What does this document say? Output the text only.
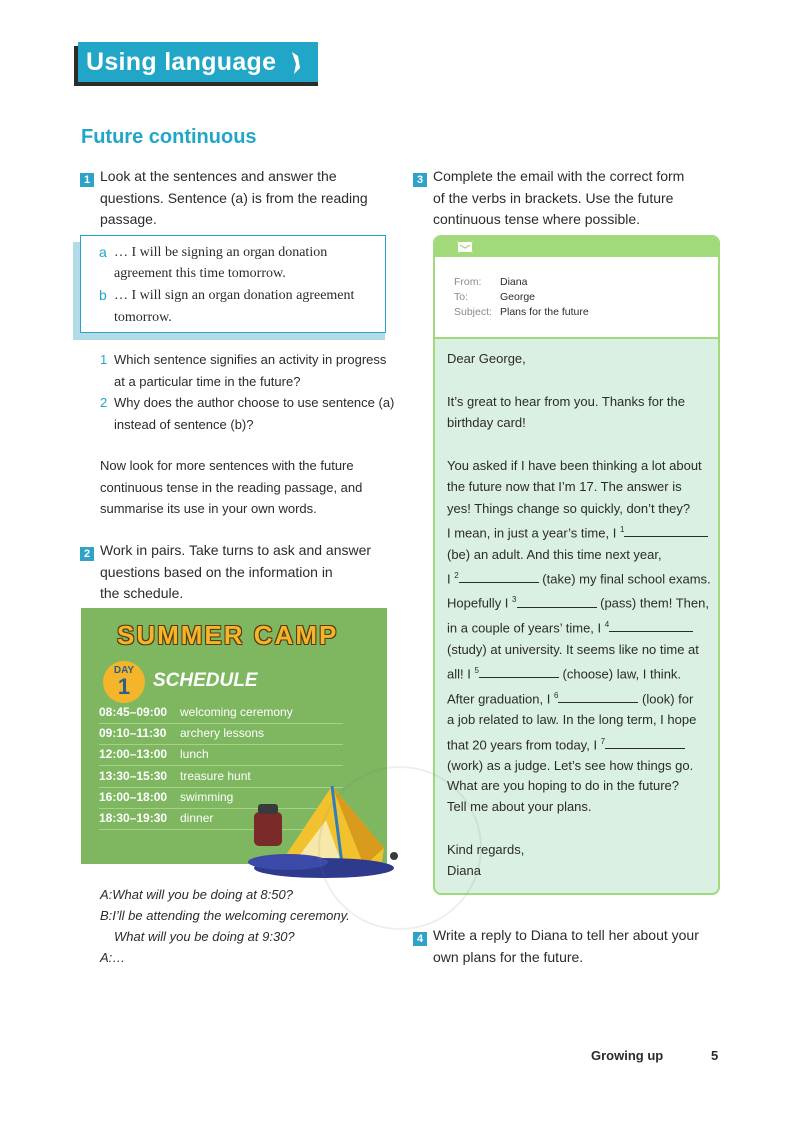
Using language
Future continuous
1 Look at the sentences and answer the
questions. Sentence (a) is from the reading
passage.
a … I will be signing an organ donation
agreement this time tomorrow.
b … I will sign an organ donation agreement
tomorrow.
1 Which sentence signifies an activity in progress
at a particular time in the future?
2 Why does the author choose to use sentence (a)
instead of sentence (b)?
Now look for more sentences with the future
continuous tense in the reading passage, and
summarise its use in your own words.
2 Work in pairs. Take turns to ask and answer
questions based on the information in
the schedule.
SUMMER CAMP
DAY
1	SCHEDULE
08:45–09:00 welcoming ceremony
09:10–11:30 archery lessons
12:00–13:00 lunch
13:30–15:30 treasure hunt
16:00–18:00 swimming
18:30–19:30 dinner
A:What will you be doing at 8:50?
B:I’ll be attending the welcoming ceremony.
What will you be doing at 9:30?
A:…
3 Complete the email with the correct form
of the verbs in brackets. Use the future
continuous tense where possible.
From: Diana
To:	George
Subject: Plans for the future
Dear George,
It’s great to hear from you. Thanks for the
birthday card!
You asked if I have been thinking a lot about
the future now that I’m 17. The answer is
yes! Things change so quickly, don’t they?
I mean, in just a year’s time, I $^1$
(be) an adult. And this time next year,
I $^2$	(take) my final school exams.
Hopefully I $^3$	(pass) them! Then,
in a couple of years’ time, I $^4$
(study) at university. It seems like no time at
all! I $^5$	(choose) law, I think.
After graduation, I $^6$	(look) for
a job related to law. In the long term, I hope
that 20 years from today, I $^7$
(work) as a judge. Let’s see how things go.
What are you hoping to do in the future?
Tell me about your plans.
Kind regards,
Diana
4 Write a reply to Diana to tell her about your
own plans for the future.
Growing up	5
